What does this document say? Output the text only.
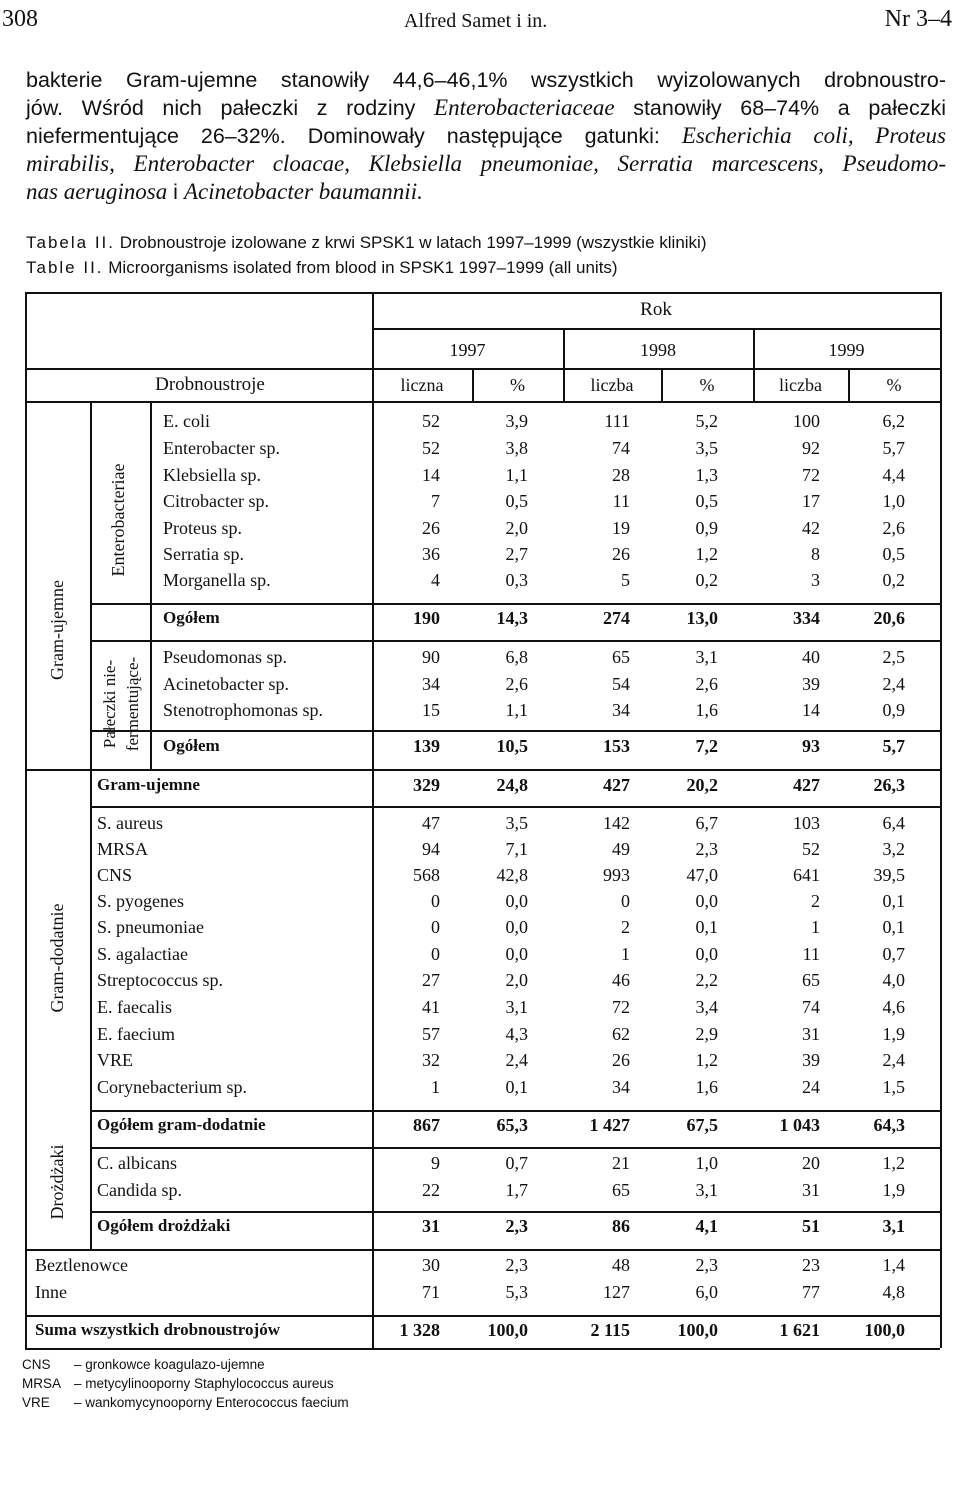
308	Alfred Samet i in.	Nr 3–4
bakterie Gram-ujemne stanowiły 44,6–46,1% wszystkich wyizolowanych drobnoustro-
jów. Wśród nich pałeczki z rodziny Enterobacteriaceae stanowiły 68–74% a pałeczki
niefermentujące 26–32%. Dominowały następujące gatunki: Escherichia coli, Proteus
mirabilis, Enterobacter cloacae, Klebsiella pneumoniae, Serratia marcescens, Pseudomo-
nas aeruginosa i Acinetobacter baumannii.
Tabela II. Drobnoustroje izolowane z krwi SPSK1 w latach 1997–1999 (wszystkie kliniki)
Table II. Microorganisms isolated from blood in SPSK1 1997–1999 (all units)
Rok
1997	1998	1999
Drobnoustroje	liczna	%	liczba	%	liczba	%
Gram-ujemne
Enterobacteriae
Pałeczki nie- fermentujące-
Gram-dodatnie
Drożdżaki
E. coli	52	3,9	111	5,2	100	6,2
Enterobacter sp.	52	3,8	74	3,5	92	5,7
Klebsiella sp.	14	1,1	28	1,3	72	4,4
Citrobacter sp.	7	0,5	11	0,5	17	1,0
Proteus sp.	26	2,0	19	0,9	42	2,6
Serratia sp.	36	2,7	26	1,2	8	0,5
Morganella sp.	4	0,3	5	0,2	3	0,2
Ogółem	190	14,3	274	13,0	334	20,6
Pseudomonas sp.	90	6,8	65	3,1	40	2,5
Acinetobacter sp.	34	2,6	54	2,6	39	2,4
Stenotrophomonas sp.	15	1,1	34	1,6	14	0,9
Ogółem	139	10,5	153	7,2	93	5,7
Gram-ujemne	329	24,8	427	20,2	427	26,3
S. aureus	47	3,5	142	6,7	103	6,4
MRSA	94	7,1	49	2,3	52	3,2
CNS	568	42,8	993	47,0	641	39,5
S. pyogenes	0	0,0	0	0,0	2	0,1
S. pneumoniae	0	0,0	2	0,1	1	0,1
S. agalactiae	0	0,0	1	0,0	11	0,7
Streptococcus sp.	27	2,0	46	2,2	65	4,0
E. faecalis	41	3,1	72	3,4	74	4,6
E. faecium	57	4,3	62	2,9	31	1,9
VRE	32	2,4	26	1,2	39	2,4
Corynebacterium sp.	1	0,1	34	1,6	24	1,5
Ogółem gram-dodatnie	867	65,3	1 427	67,5	1 043	64,3
C. albicans	9	0,7	21	1,0	20	1,2
Candida sp.	22	1,7	65	3,1	31	1,9
Ogółem drożdżaki	31	2,3	86	4,1	51	3,1
Beztlenowce	30	2,3	48	2,3	23	1,4
Inne	71	5,3	127	6,0	77	4,8
Suma wszystkich drobnoustrojów	1 328	100,0	2 115	100,0	1 621	100,0
CNS – gronkowce koagulazo-ujemne
MRSA – metycylinooporny Staphylococcus aureus
VRE – wankomycynooporny Enterococcus faecium
